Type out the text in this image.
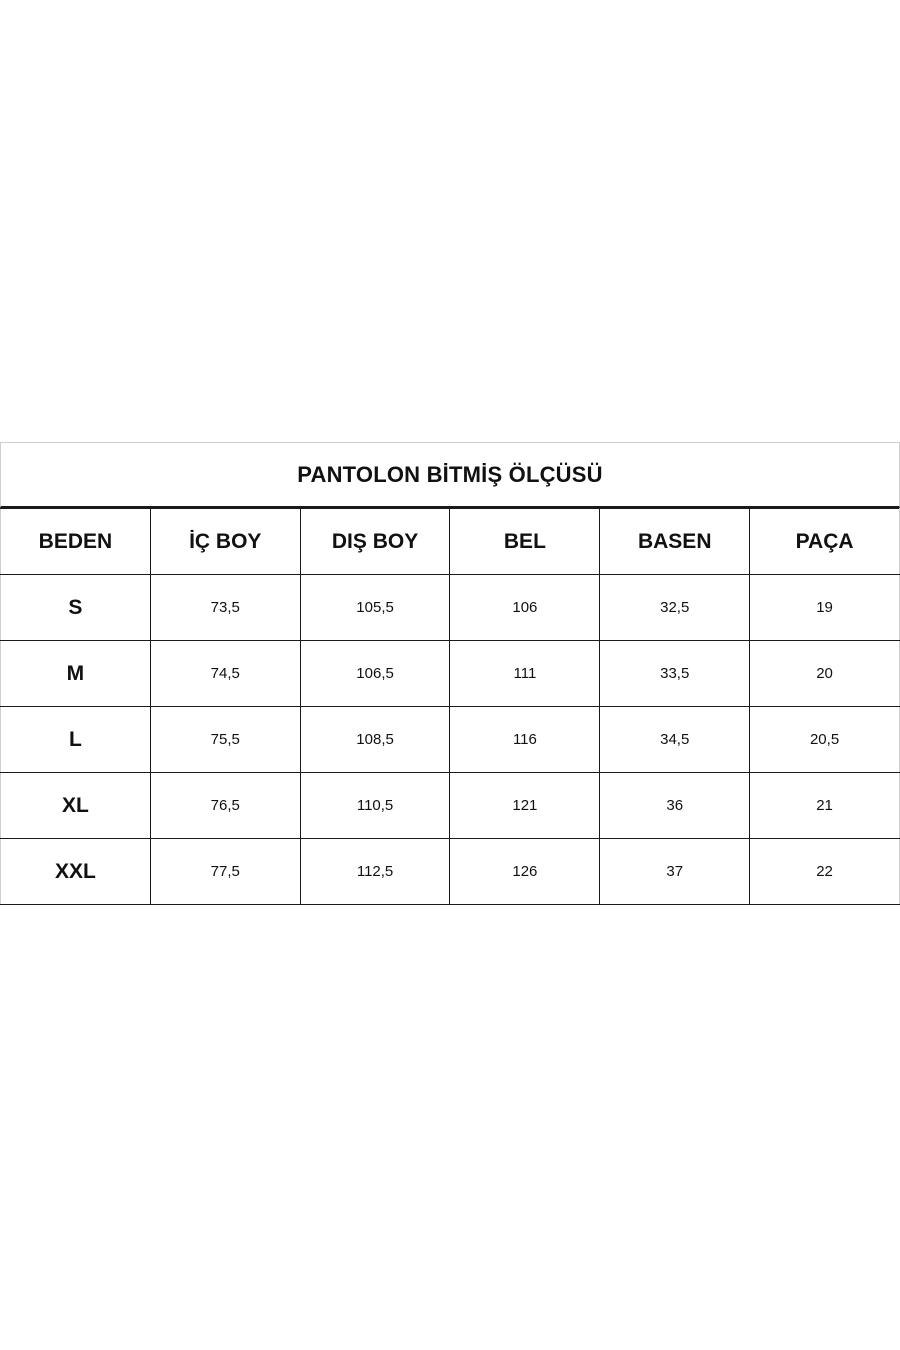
PANTOLON BİTMİŞ ÖLÇÜSÜ
BEDEN	İÇ BOY	DIŞ BOY	BEL	BASEN	PAÇA
S	73,5	105,5	106	32,5	19
M	74,5	106,5	111	33,5	20
L	75,5	108,5	116	34,5	20,5
XL	76,5	110,5	121	36	21
XXL	77,5	112,5	126	37	22
